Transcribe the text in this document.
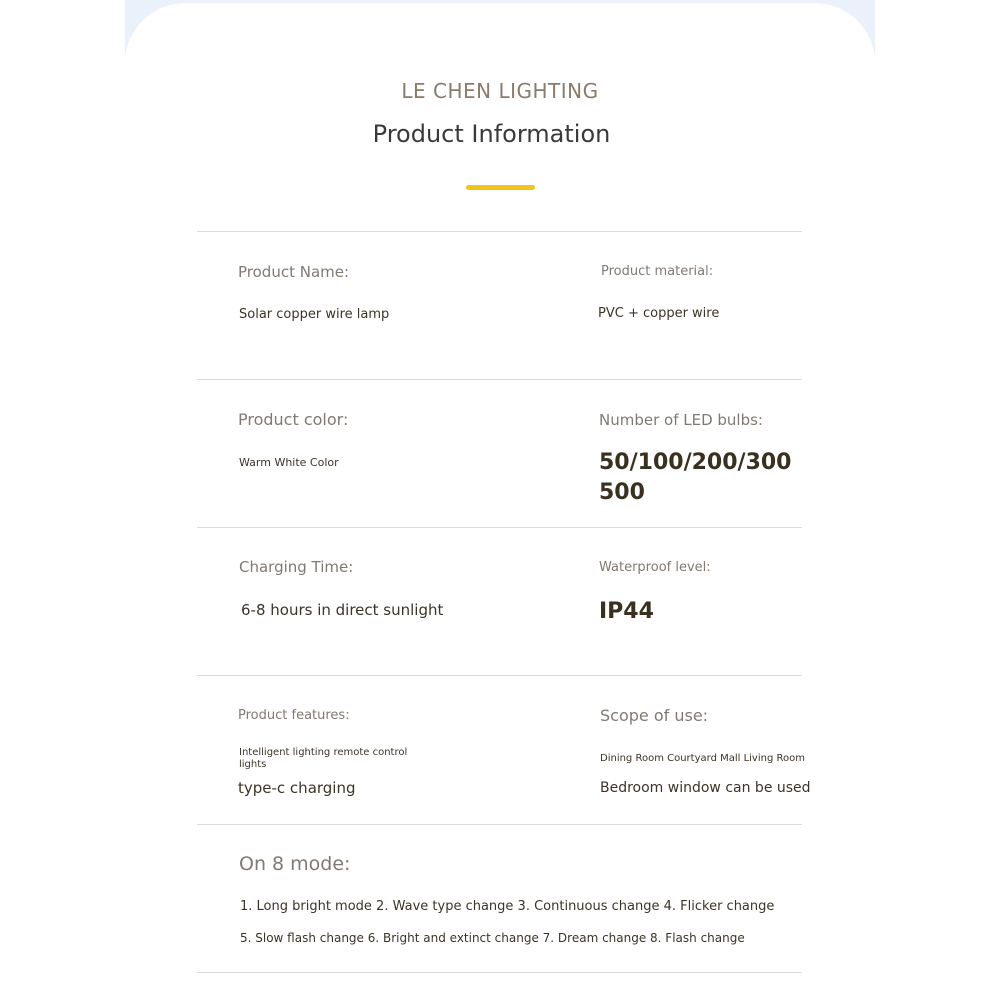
LE CHEN LIGHTING
Product Information
Product Name:
Solar copper wire lamp
Product material:
PVC + copper wire
Product color:
Warm White Color
Number of LED bulbs:
50/100/200/300
500
Charging Time:
6-8 hours in direct sunlight
Waterproof level:
IP44
Product features:
Intelligent lighting remote control lights
type-c charging
Scope of use:
Dining Room Courtyard Mall Living Room
Bedroom window can be used
On 8 mode:
1. Long bright mode 2. Wave type change 3. Continuous change 4. Flicker change
5. Slow flash change 6. Bright and extinct change 7. Dream change 8. Flash change
